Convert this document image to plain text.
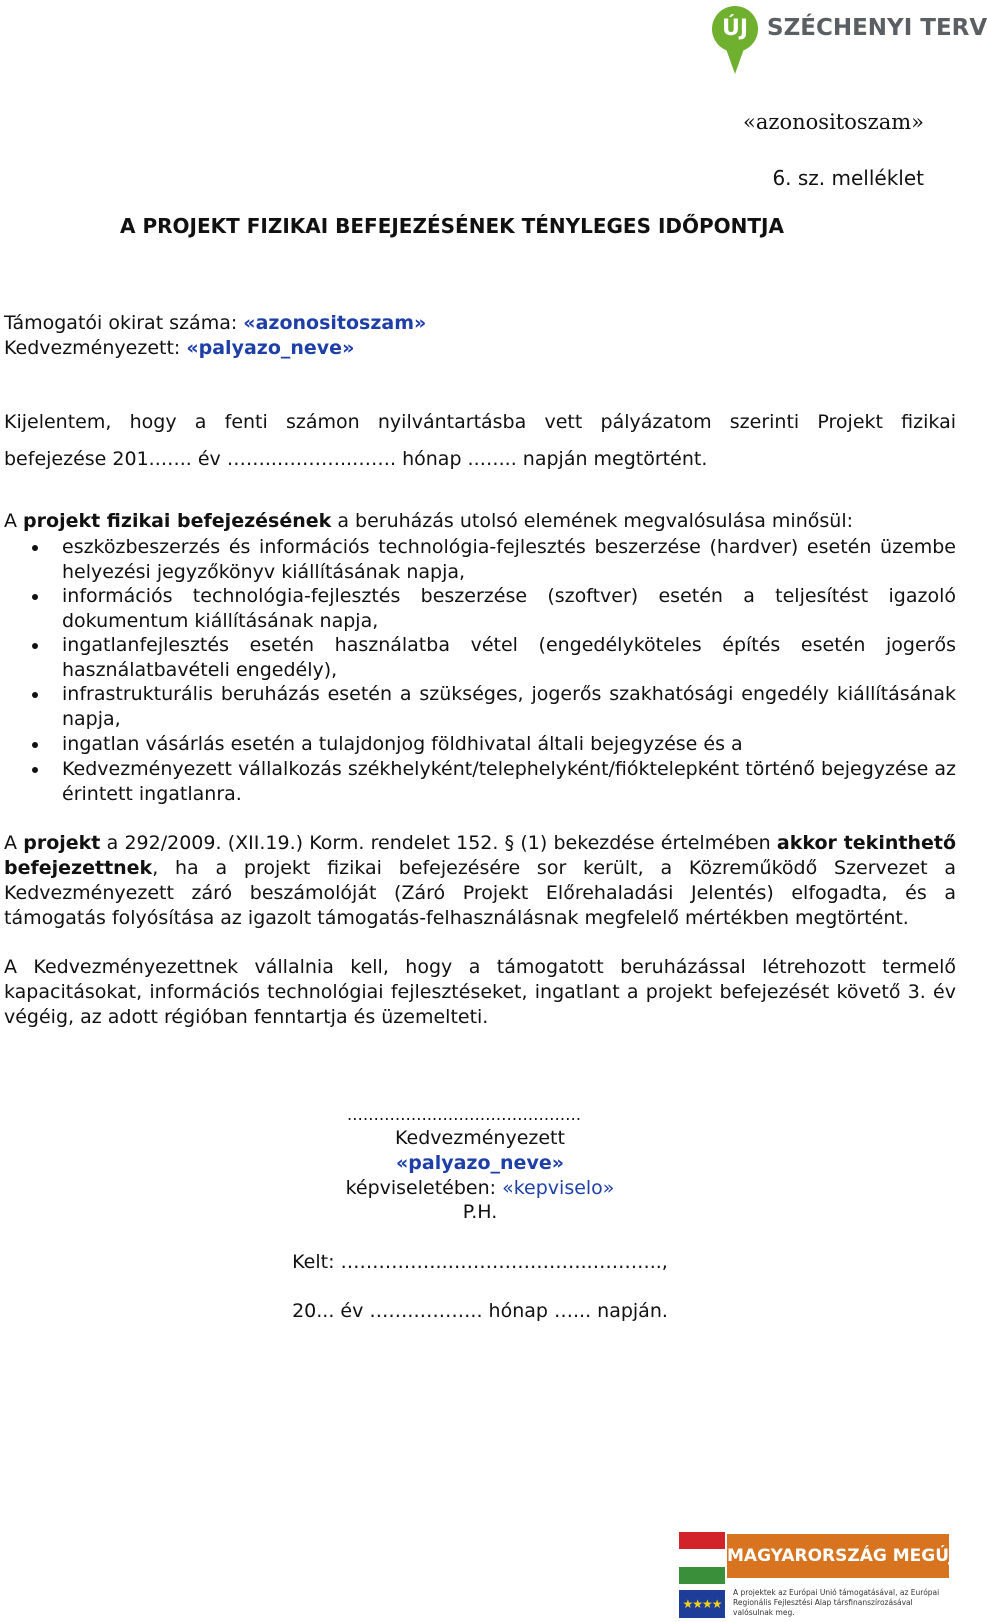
ÚJ SZÉCHENYI TERV
«azonositoszam»
6. sz. melléklet
A PROJEKT FIZIKAI BEFEJEZÉSÉNEK TÉNYLEGES IDŐPONTJA
Támogatói okirat száma: «azonositoszam»
Kedvezményezett: «palyazo_neve»
Kijelentem, hogy a fenti számon nyilvántartásba vett pályázatom szerinti Projekt fizikai
befejezése 201..….. év ……..….……..……. hónap ..…... napján megtörtént.
A projekt fizikai befejezésének a beruházás utolsó elemének megvalósulása minősül:
eszközbeszerzés és információs technológia-fejlesztés beszerzése (hardver) esetén üzembe helyezési jegyzőkönyv kiállításának napja,
információs technológia-fejlesztés beszerzése (szoftver) esetén a teljesítést igazoló dokumentum kiállításának napja,
ingatlanfejlesztés esetén használatba vétel (engedélyköteles építés esetén jogerős használatbavételi engedély),
infrastrukturális beruházás esetén a szükséges, jogerős szakhatósági engedély kiállításának napja,
ingatlan vásárlás esetén a tulajdonjog földhivatal általi bejegyzése és a
Kedvezményezett vállalkozás székhelyként/telephelyként/fióktelepként történő bejegyzése az érintett ingatlanra.
A projekt a 292/2009. (XII.19.) Korm. rendelet 152. § (1) bekezdése értelmében akkor tekinthető befejezettnek, ha a projekt fizikai befejezésére sor került, a Közreműködő Szervezet a Kedvezményezett záró beszámolóját (Záró Projekt Előrehaladási Jelentés) elfogadta, és a támogatás folyósítása az igazolt támogatás-felhasználásnak megfelelő mértékben megtörtént.
A Kedvezményezettnek vállalnia kell, hogy a támogatott beruházással létrehozott termelő kapacitásokat, információs technológiai fejlesztéseket, ingatlant a projekt befejezését követő 3. év végéig, az adott régióban fenntartja és üzemelteti.
……………..………………………
Kedvezményezett
«palyazo_neve»
képviseletében: «kepviselo»
P.H.
Kelt: ……………..…………………..………..,
20... év …….……….. hónap …... napján.
MAGYARORSZÁG MEGÚJUL
★★★★
A projektek az Európai Unió támogatásával, az Európai Regionális Fejlesztési Alap társfinanszírozásával valósulnak meg.
